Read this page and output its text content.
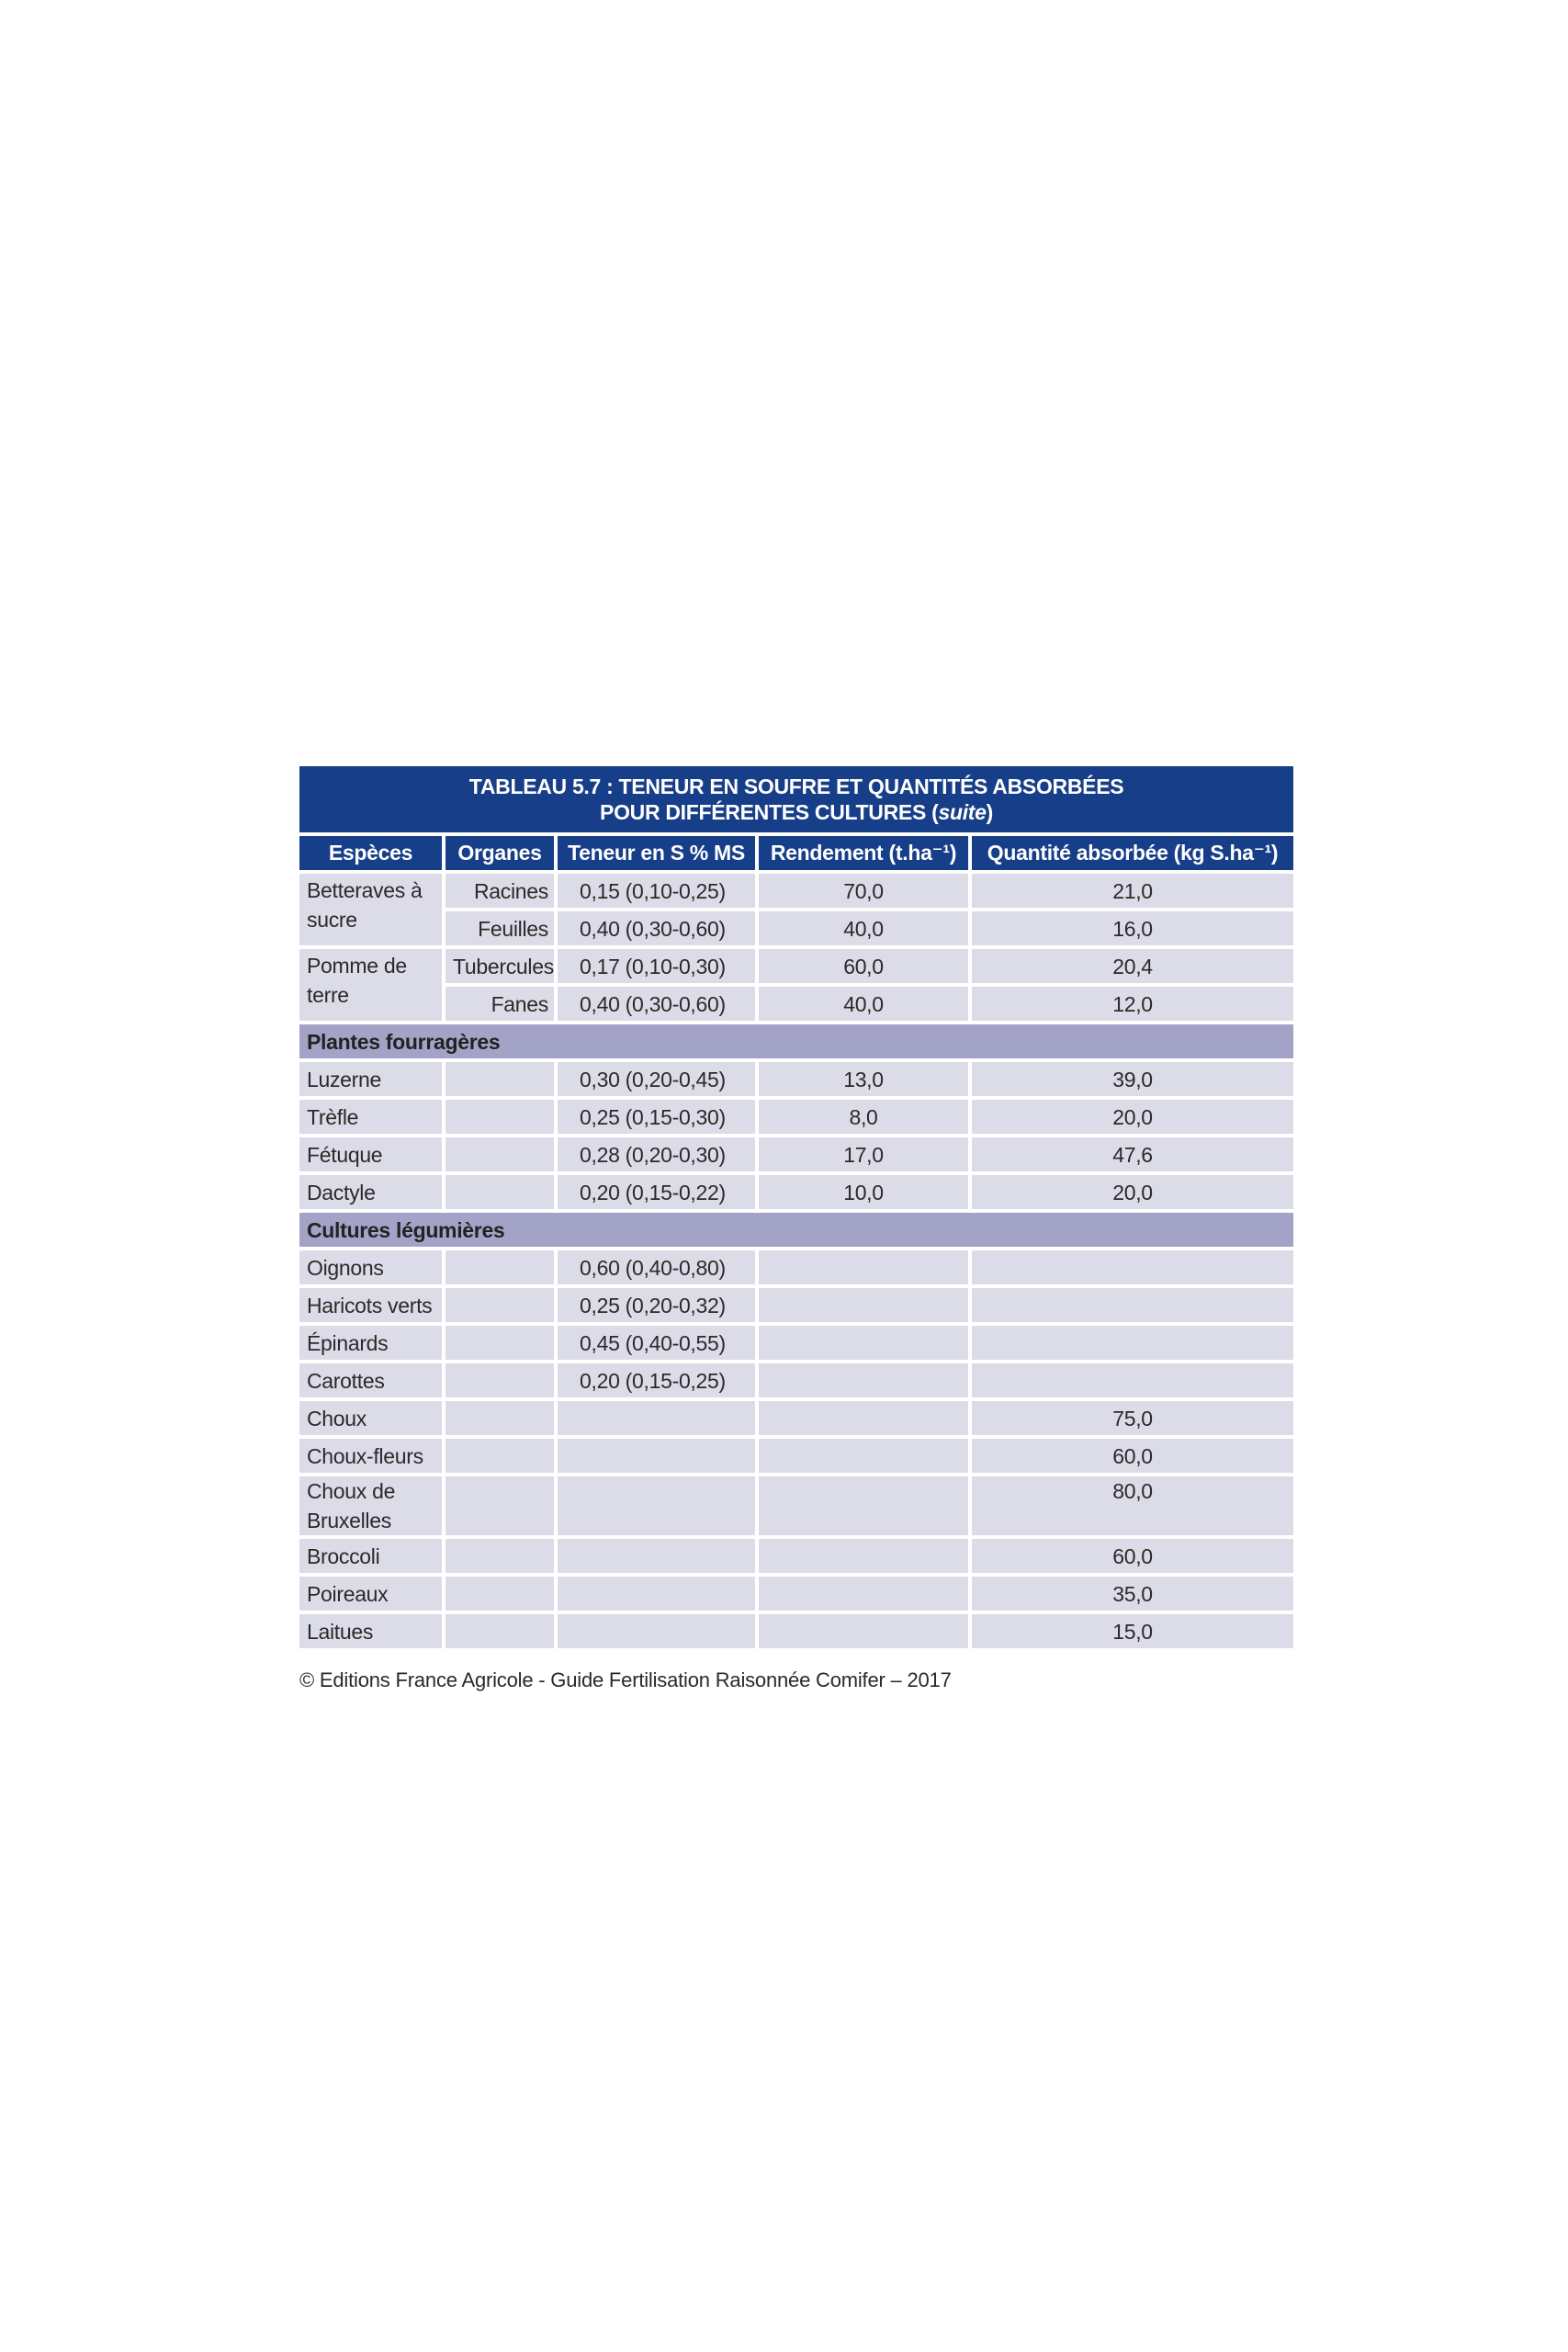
TABLEAU 5.7 : TENEUR EN SOUFRE ET QUANTITÉS ABSORBÉES
POUR DIFFÉRENTES CULTURES (suite)				
Espèces	Organes	Teneur en S % MS	Rendement (t.ha⁻¹)	Quantité absorbée (kg S.ha⁻¹)
Betteraves à sucre	Racines	0,15 (0,10-0,25)	70,0	21,0
	Feuilles	0,40 (0,30-0,60)	40,0	16,0
Pomme de terre	Tubercules	0,17 (0,10-0,30)	60,0	20,4
	Fanes	0,40 (0,30-0,60)	40,0	12,0
Plantes fourragères				
Luzerne		0,30 (0,20-0,45)	13,0	39,0
Trèfle		0,25 (0,15-0,30)	8,0	20,0
Fétuque		0,28 (0,20-0,30)	17,0	47,6
Dactyle		0,20 (0,15-0,22)	10,0	20,0
Cultures légumières				
Oignons		0,60 (0,40-0,80)		
Haricots verts		0,25 (0,20-0,32)		
Épinards		0,45 (0,40-0,55)		
Carottes		0,20 (0,15-0,25)		
Choux				75,0
Choux-fleurs				60,0
Choux de Bruxelles				80,0
Broccoli				60,0
Poireaux				35,0
Laitues				15,0
© Editions France Agricole - Guide Fertilisation Raisonnée Comifer – 2017
